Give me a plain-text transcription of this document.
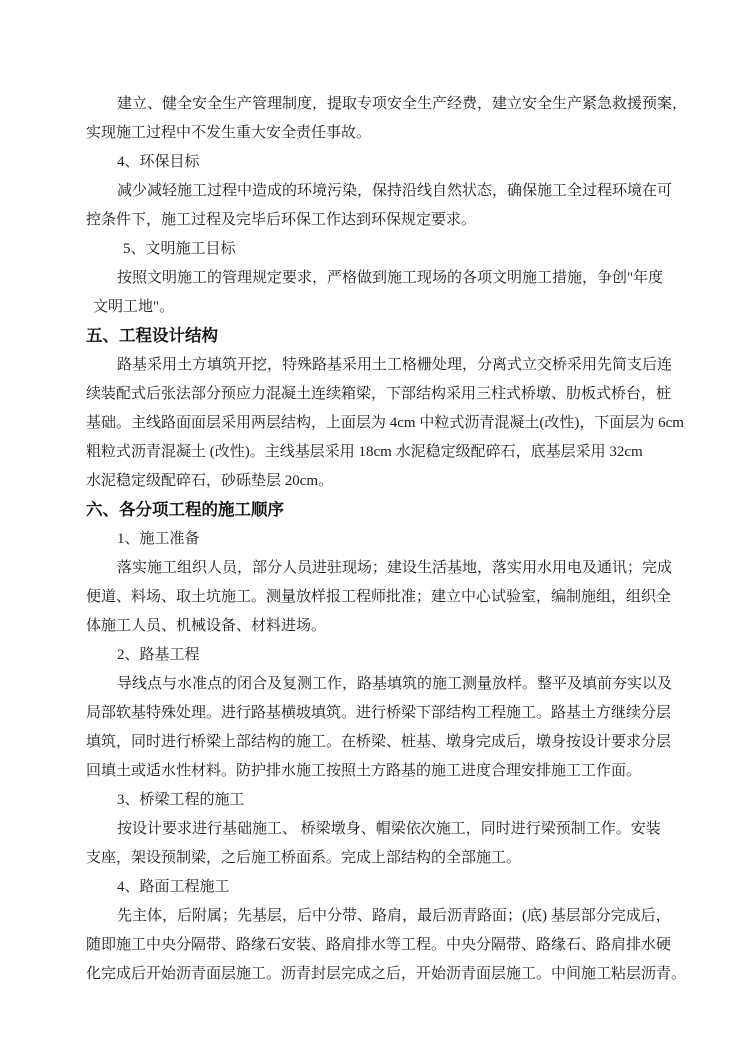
建立、健全安全生产管理制度，提取专项安全生产经费，建立安全生产紧急救援预案，
实现施工过程中不发生重大安全责任事故。
4、环保目标
减少减轻施工过程中造成的环境污染，保持沿线自然状态，确保施工全过程环境在可
控条件下，施工过程及完毕后环保工作达到环保规定要求。
5、文明施工目标
按照文明施工的管理规定要求，严格做到施工现场的各项文明施工措施，争创"年度
文明工地"。
五、工程设计结构
路基采用土方填筑开挖，特殊路基采用土工格栅处理，分离式立交桥采用先简支后连
续装配式后张法部分预应力混凝土连续箱梁，下部结构采用三柱式桥墩、肋板式桥台，桩
基础。主线路面面层采用两层结构，上面层为 4cm 中粒式沥青混凝土(改性)，下面层为 6cm
粗粒式沥青混凝土 (改性)。主线基层采用 18cm 水泥稳定级配碎石，底基层采用 32cm
水泥稳定级配碎石，砂砾垫层 20cm。
六、各分项工程的施工顺序
1、施工准备
落实施工组织人员，部分人员进驻现场；建设生活基地，落实用水用电及通讯；完成
便道、料场、取土坑施工。测量放样报工程师批准；建立中心试验室，编制施组，组织全
体施工人员、机械设备、材料进场。
2、路基工程
导线点与水准点的闭合及复测工作，路基填筑的施工测量放样。整平及填前夯实以及
局部软基特殊处理。进行路基横坡填筑。进行桥梁下部结构工程施工。路基土方继续分层
填筑，同时进行桥梁上部结构的施工。在桥梁、桩基、墩身完成后，墩身按设计要求分层
回填土或适水性材料。防护排水施工按照土方路基的施工进度合理安排施工工作面。
3、桥梁工程的施工
按设计要求进行基础施工、 桥梁墩身、帽梁依次施工，同时进行梁预制工作。安装
支座，架设预制梁，之后施工桥面系。完成上部结构的全部施工。
4、路面工程施工
先主体，后附属；先基层，后中分带、路肩，最后沥青路面；(底) 基层部分完成后，
随即施工中央分隔带、路缘石安装、路肩排水等工程。中央分隔带、路缘石、路肩排水硬
化完成后开始沥青面层施工。沥青封层完成之后，开始沥青面层施工。中间施工粘层沥青。
